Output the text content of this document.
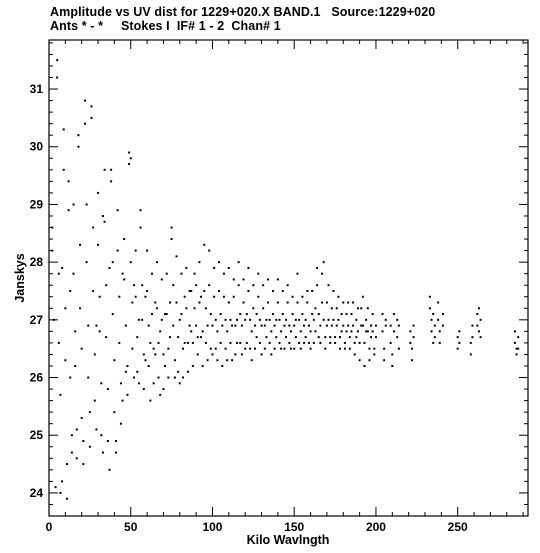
Amplitude vs UV dist for 1229+020.X BAND.1   Source:1229+020
Ants * - *     Stokes I  IF# 1 - 2  Chan# 1
0	50	100	150	200	250
24
25
26
27
28
29
30
31
Kilo Wavlngth
Janskys
